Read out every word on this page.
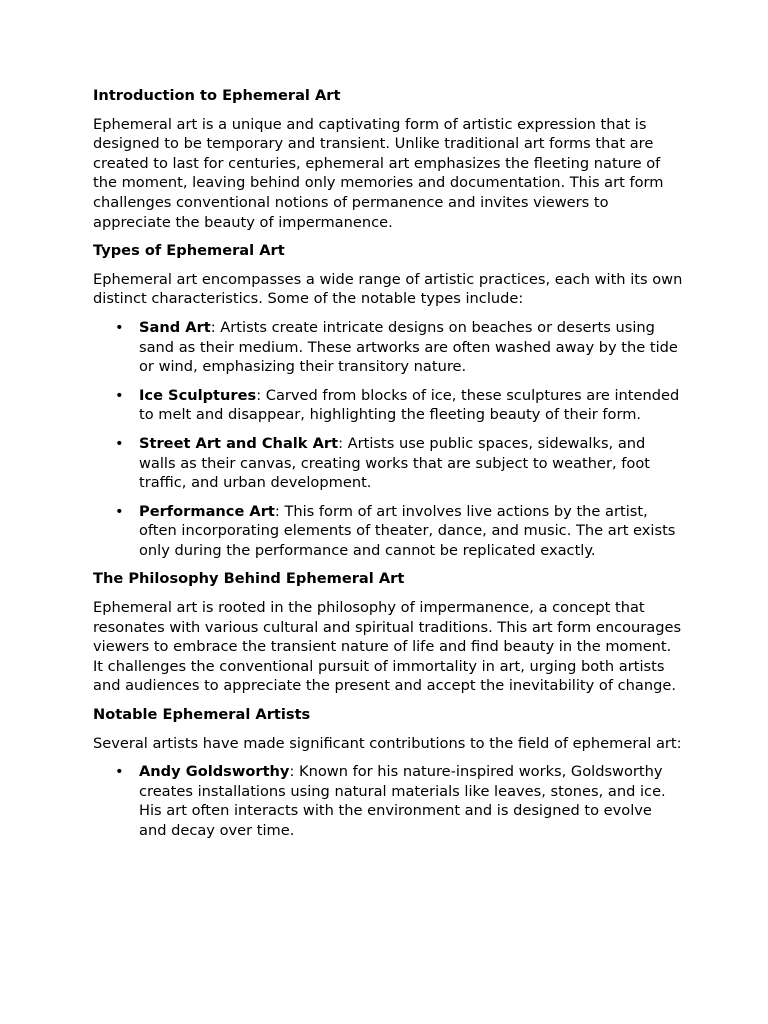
Introduction to Ephemeral Art

Ephemeral art is a unique and captivating form of artistic expression that is designed to be temporary and transient. Unlike traditional art forms that are created to last for centuries, ephemeral art emphasizes the fleeting nature of the moment, leaving behind only memories and documentation. This art form challenges conventional notions of permanence and invites viewers to appreciate the beauty of impermanence.

Types of Ephemeral Art

Ephemeral art encompasses a wide range of artistic practices, each with its own distinct characteristics. Some of the notable types include:

• Sand Art: Artists create intricate designs on beaches or deserts using sand as their medium. These artworks are often washed away by the tide or wind, emphasizing their transitory nature.
• Ice Sculptures: Carved from blocks of ice, these sculptures are intended to melt and disappear, highlighting the fleeting beauty of their form.
• Street Art and Chalk Art: Artists use public spaces, sidewalks, and walls as their canvas, creating works that are subject to weather, foot traffic, and urban development.
• Performance Art: This form of art involves live actions by the artist, often incorporating elements of theater, dance, and music. The art exists only during the performance and cannot be replicated exactly.
The Philosophy Behind Ephemeral Art

Ephemeral art is rooted in the philosophy of impermanence, a concept that resonates with various cultural and spiritual traditions. This art form encourages viewers to embrace the transient nature of life and find beauty in the moment. It challenges the conventional pursuit of immortality in art, urging both artists and audiences to appreciate the present and accept the inevitability of change.

Notable Ephemeral Artists

Several artists have made significant contributions to the field of ephemeral art:

• Andy Goldsworthy: Known for his nature-inspired works, Goldsworthy creates installations using natural materials like leaves, stones, and ice. His art often interacts with the environment and is designed to evolve and decay over time.
